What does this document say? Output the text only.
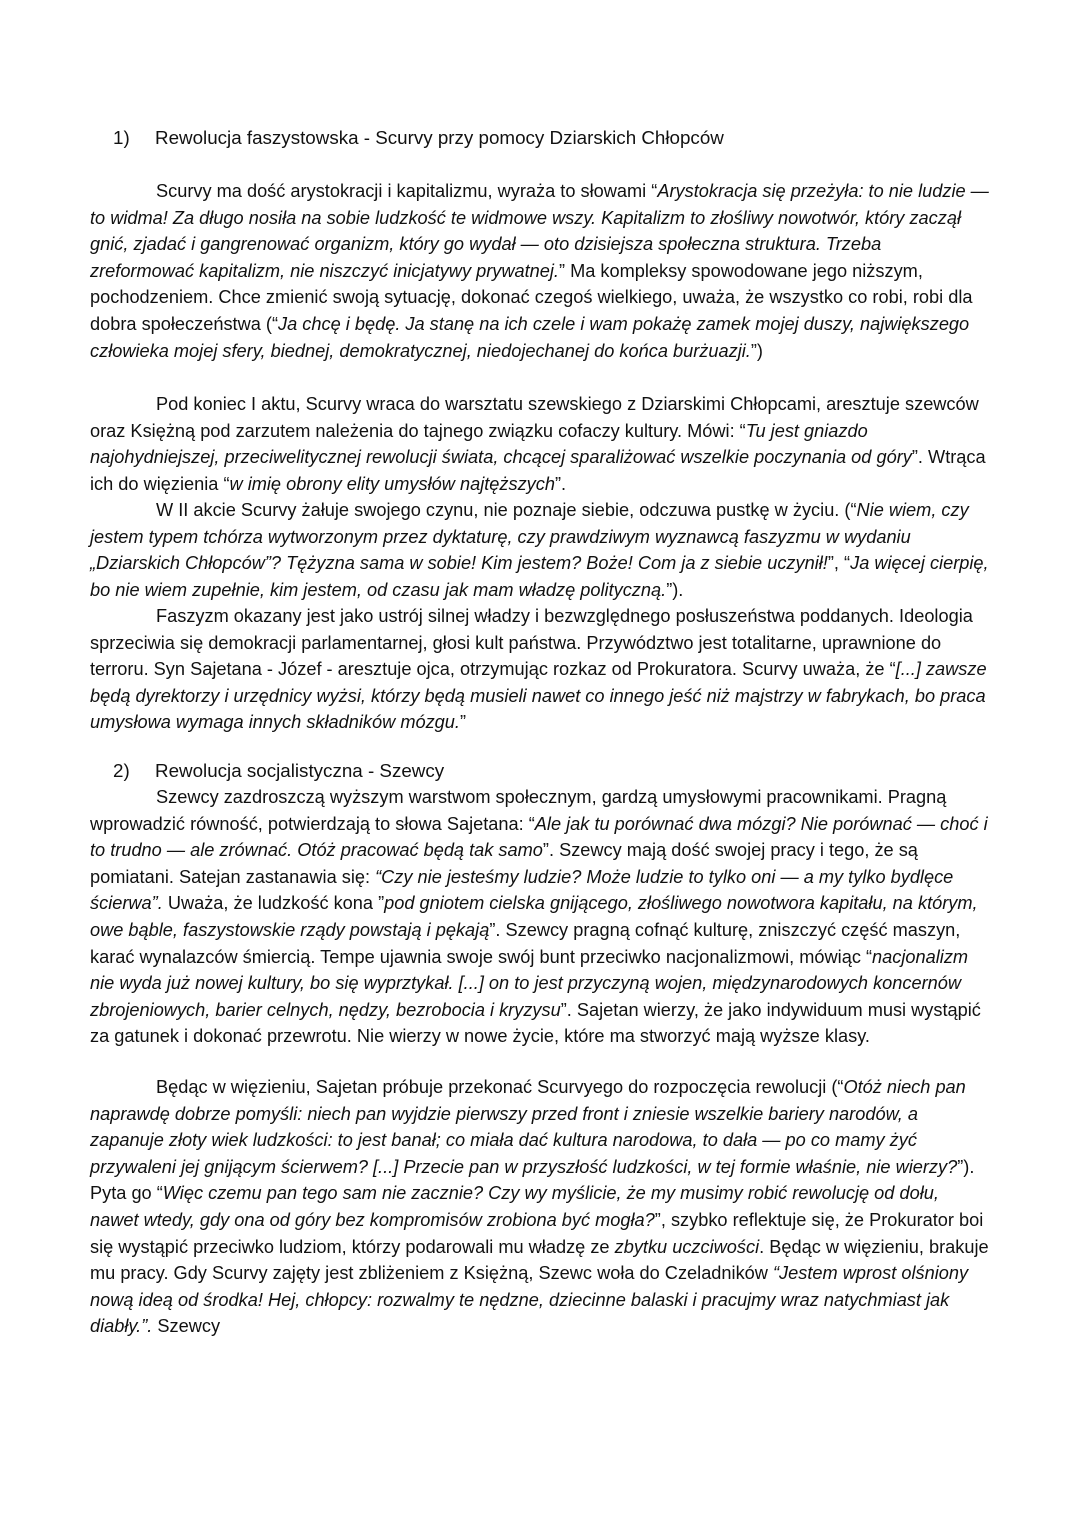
1) Rewolucja faszystowska - Scurvy przy pomocy Dziarskich Chłopców

Scurvy ma dość arystokracji i kapitalizmu, wyraża to słowami “Arystokracja się przeżyła: to nie ludzie — to widma! Za długo nosiła na sobie ludzkość te widmowe wszy. Kapitalizm to złośliwy nowotwór, który zaczął gnić, zjadać i gangrenować organizm, który go wydał — oto dzisiejsza społeczna struktura. Trzeba zreformować kapitalizm, nie niszczyć inicjatywy prywatnej.” Ma kompleksy spowodowane jego niższym, pochodzeniem. Chce zmienić swoją sytuację, dokonać czegoś wielkiego, uważa, że wszystko co robi, robi dla dobra społeczeństwa (“Ja chcę i będę. Ja stanę na ich czele i wam pokażę zamek mojej duszy, największego człowieka mojej sfery, biednej, demokratycznej, niedojechanej do końca burżuazji.”)

Pod koniec I aktu, Scurvy wraca do warsztatu szewskiego z Dziarskimi Chłopcami, aresztuje szewców oraz Księżną pod zarzutem należenia do tajnego związku cofaczy kultury. Mówi: “Tu jest gniazdo najohydniejszej, przeciwelitycznej rewolucji świata, chcącej sparaliżować wszelkie poczynania od góry”. Wtrąca ich do więzienia “w imię obrony elity umysłów najtęższych”.

W II akcie Scurvy żałuje swojego czynu, nie poznaje siebie, odczuwa pustkę w życiu. (“Nie wiem, czy jestem typem tchórza wytworzonym przez dyktaturę, czy prawdziwym wyznawcą faszyzmu w wydaniu „Dziarskich Chłopców”? Tężyzna sama w sobie! Kim jestem? Boże! Com ja z siebie uczynił!”, “Ja więcej cierpię, bo nie wiem zupełnie, kim jestem, od czasu jak mam władzę polityczną.”).

Faszyzm okazany jest jako ustrój silnej władzy i bezwzględnego posłuszeństwa poddanych. Ideologia sprzeciwia się demokracji parlamentarnej, głosi kult państwa. Przywództwo jest totalitarne, uprawnione do terroru. Syn Sajetana - Józef - aresztuje ojca, otrzymując rozkaz od Prokuratora. Scurvy uważa, że “[...] zawsze będą dyrektorzy i urzędnicy wyżsi, którzy będą musieli nawet co innego jeść niż majstrzy w fabrykach, bo praca umysłowa wymaga innych składników mózgu.”

2) Rewolucja socjalistyczna - Szewcy

Szewcy zazdroszczą wyższym warstwom społecznym, gardzą umysłowymi pracownikami. Pragną wprowadzić równość, potwierdzają to słowa Sajetana: “Ale jak tu porównać dwa mózgi? Nie porównać — choć i to trudno — ale zrównać. Otóż pracować będą tak samo”. Szewcy mają dość swojej pracy i tego, że są pomiatani. Satejan zastanawia się: “Czy nie jesteśmy ludzie? Może ludzie to tylko oni — a my tylko bydlęce ścierwa”. Uważa, że ludzkość kona ”pod gniotem cielska gnijącego, złośliwego nowotwora kapitału, na którym, owe bąble, faszystowskie rządy powstają i pękają”. Szewcy pragną cofnąć kulturę, zniszczyć część maszyn, karać wynalazców śmiercią. Tempe ujawnia swoje swój bunt przeciwko nacjonalizmowi, mówiąc “nacjonalizm nie wyda już nowej kultury, bo się wyprztykał. [...] on to jest przyczyną wojen, międzynarodowych koncernów zbrojeniowych, barier celnych, nędzy, bezrobocia i kryzysu”. Sajetan wierzy, że jako indywiduum musi wystąpić za gatunek i dokonać przewrotu. Nie wierzy w nowe życie, które ma stworzyć mają wyższe klasy.

Będąc w więzieniu, Sajetan próbuje przekonać Scurvyego do rozpoczęcia rewolucji (“Otóż niech pan naprawdę dobrze pomyśli: niech pan wyjdzie pierwszy przed front i zniesie wszelkie bariery narodów, a zapanuje złoty wiek ludzkości: to jest banał; co miała dać kultura narodowa, to dała — po co mamy żyć przywaleni jej gnijącym ścierwem? [...] Przecie pan w przyszłość ludzkości, w tej formie właśnie, nie wierzy?”). Pyta go “Więc czemu pan tego sam nie zacznie? Czy wy myślicie, że my musimy robić rewolucję od dołu, nawet wtedy, gdy ona od góry bez kompromisów zrobiona być mogła?”, szybko reflektuje się, że Prokurator boi się wystąpić przeciwko ludziom, którzy podarowali mu władzę ze zbytku uczciwości. Będąc w więzieniu, brakuje mu pracy. Gdy Scurvy zajęty jest zbliżeniem z Księżną, Szewc woła do Czeladników “Jestem wprost olśniony nową ideą od środka! Hej, chłopcy: rozwalmy te nędzne, dziecinne balaski i pracujmy wraz natychmiast jak diabły.”. Szewcy
